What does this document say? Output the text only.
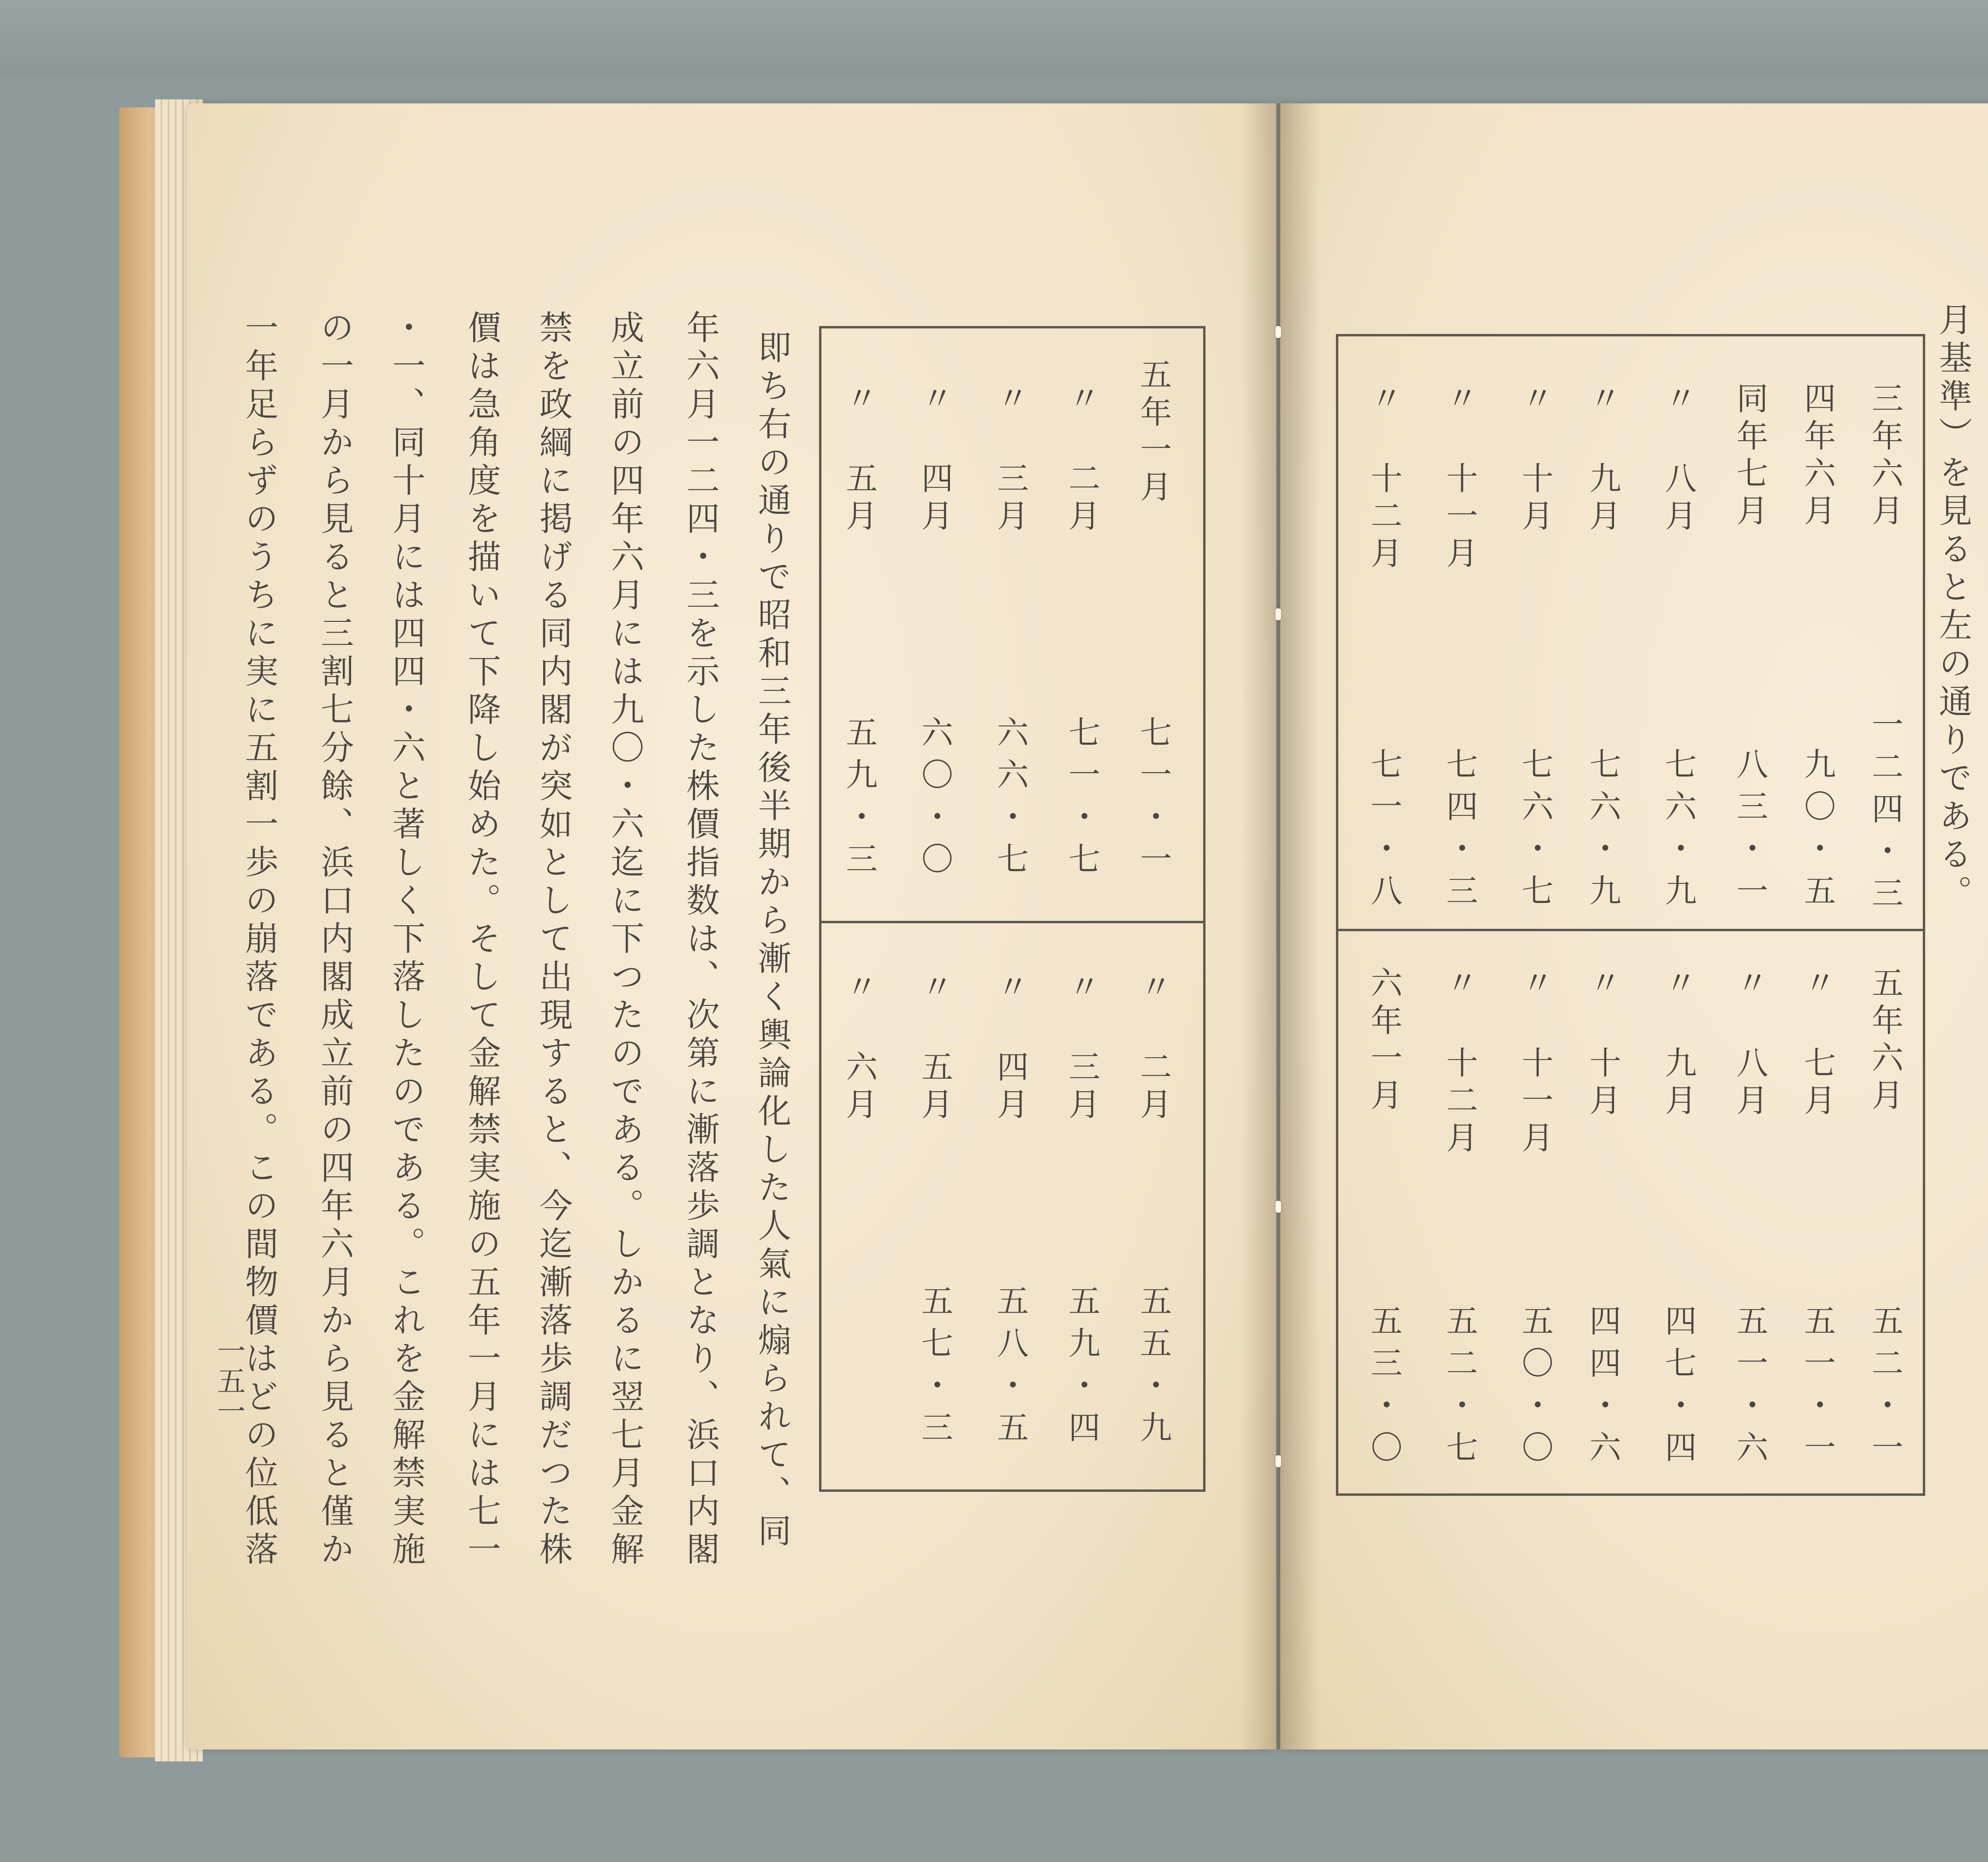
月基準）を見ると左の通りである。
三年六月
一二四・三
四年六月
九〇・五
同年七月
八三・一
〃 八月
七六・九
〃 九月
七六・九
〃 十月
七六・七
〃 十一月
七四・三
〃 十二月
七一・八
五年六月
五二・一
〃 七月
五一・一
〃 八月
五一・六
〃 九月
四七・四
〃 十月
四四・六
〃 十一月
五〇・〇
〃 十二月
五二・七
六年一月
五三・〇
五年一月
七一・一
〃 二月
七一・七
〃 三月
六六・七
〃 四月
六〇・〇
〃 五月
五九・三
〃 二月
五五・九
〃 三月
五九・四
〃 四月
五八・五
〃 五月
五七・三
〃 六月
即ち右の通りで昭和三年後半期から漸く輿論化した人氣に煽られて、同
年六月一二四・三を示した株價指数は、次第に漸落歩調となり、浜口内閣
成立前の四年六月には九〇・六迄に下つたのである。しかるに翌七月金解
禁を政綱に掲げる同内閣が突如として出現すると、今迄漸落歩調だつた株
價は急角度を描いて下降し始めた。そして金解禁実施の五年一月には七一
・一、同十月には四四・六と著しく下落したのである。これを金解禁実施
の一月から見ると三割七分餘、浜口内閣成立前の四年六月から見ると僅か
一年足らずのうちに実に五割一歩の崩落である。この間物價はどの位低落
一五一
